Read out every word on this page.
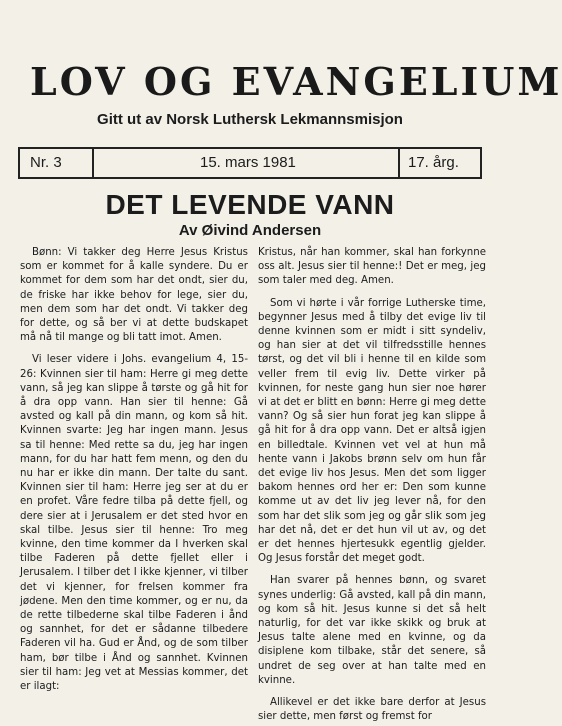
LOV OG EVANGELIUM
Gitt ut av Norsk Luthersk Lekmannsmisjon
Nr. 3	15. mars 1981	17. årg.
DET LEVENDE VANN
Av Øivind Andersen

Bønn: Vi takker deg Herre Jesus Kristus som er kommet for å kalle syndere. Du er kommet for dem som har det ondt, sier du, de friske har ikke behov for lege, sier du, men dem som har det ondt. Vi takker deg for dette, og så ber vi at dette budskapet må nå til mange og bli tatt imot. Amen.

Vi leser videre i Johs. evangelium 4, 15-26: Kvinnen sier til ham: Herre gi meg dette vann, så jeg kan slippe å tørste og gå hit for å dra opp vann. Han sier til henne: Gå avsted og kall på din mann, og kom så hit. Kvinnen svarte: Jeg har ingen mann. Jesus sa til henne: Med rette sa du, jeg har ingen mann, for du har hatt fem menn, og den du nu har er ikke din mann. Der talte du sant. Kvinnen sier til ham: Herre jeg ser at du er en profet. Våre fedre tilba på dette fjell, og dere sier at i Jerusalem er det sted hvor en skal tilbe. Jesus sier til henne: Tro meg kvinne, den time kommer da I hverken skal tilbe Faderen på dette fjellet eller i Jerusalem. I tilber det I ikke kjenner, vi tilber det vi kjenner, for frelsen kommer fra jødene. Men den time kommer, og er nu, da de rette tilbederne skal tilbe Faderen i ånd og sannhet, for det er sådanne tilbedere Faderen vil ha. Gud er Ånd, og de som tilber ham, bør tilbe i Ånd og sannhet. Kvinnen sier til ham: Jeg vet at Messias kommer, det er ilagt:

Kristus, når han kommer, skal han forkynne oss alt. Jesus sier til henne:! Det er meg, jeg som taler med deg. Amen.

Som vi hørte i vår forrige Lutherske time, begynner Jesus med å tilby det evige liv til denne kvinnen som er midt i sitt syndeliv, og han sier at det vil tilfredsstille hennes tørst, og det vil bli i henne til en kilde som veller frem til evig liv. Dette virker på kvinnen, for neste gang hun sier noe hører vi at det er blitt en bønn: Herre gi meg dette vann? Og så sier hun forat jeg kan slippe å gå hit for å dra opp vann. Det er altså igjen en billedtale. Kvinnen vet vel at hun må hente vann i Jakobs brønn selv om hun får det evige liv hos Jesus. Men det som ligger bakom hennes ord her er: Den som kunne komme ut av det liv jeg lever nå, for den som har det slik som jeg og går slik som jeg har det nå, det er det hun vil ut av, og det er det hennes hjertesukk egentlig gjelder. Og Jesus forstår det meget godt.

Han svarer på hennes bønn, og svaret synes underlig: Gå avsted, kall på din mann, og kom så hit. Jesus kunne si det så helt naturlig, for det var ikke skikk og bruk at Jesus talte alene med en kvinne, og da disiplene kom tilbake, står det senere, så undret de seg over at han talte med en kvinne.

Allikevel er det ikke bare derfor at Jesus sier dette, men først og fremst for
